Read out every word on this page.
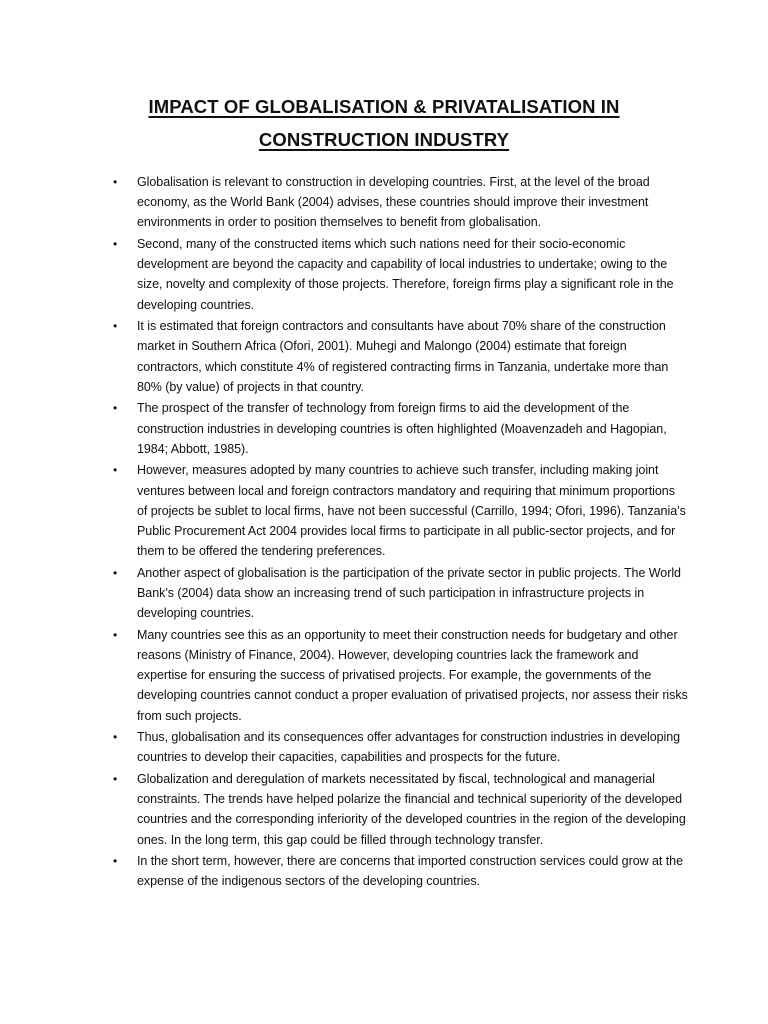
IMPACT OF GLOBALISATION & PRIVATALISATION IN
CONSTRUCTION INDUSTRY
• Globalisation is relevant to construction in developing countries. First, at the level of the broad economy, as the World Bank (2004) advises, these countries should improve their investment environments in order to position themselves to benefit from globalisation.
• Second, many of the constructed items which such nations need for their socio-economic development are beyond the capacity and capability of local industries to undertake; owing to the size, novelty and complexity of those projects. Therefore, foreign firms play a significant role in the developing countries.
• It is estimated that foreign contractors and consultants have about 70% share of the construction market in Southern Africa (Ofori, 2001). Muhegi and Malongo (2004) estimate that foreign contractors, which constitute 4% of registered contracting firms in Tanzania, undertake more than 80% (by value) of projects in that country.
• The prospect of the transfer of technology from foreign firms to aid the development of the construction industries in developing countries is often highlighted (Moavenzadeh and Hagopian, 1984; Abbott, 1985).
• However, measures adopted by many countries to achieve such transfer, including making joint ventures between local and foreign contractors mandatory and requiring that minimum proportions of projects be sublet to local firms, have not been successful (Carrillo, 1994; Ofori, 1996). Tanzania’s Public Procurement Act 2004 provides local firms to participate in all public-sector projects, and for them to be offered the tendering preferences.
• Another aspect of globalisation is the participation of the private sector in public projects. The World Bank’s (2004) data show an increasing trend of such participation in infrastructure projects in developing countries.
• Many countries see this as an opportunity to meet their construction needs for budgetary and other reasons (Ministry of Finance, 2004). However, developing countries lack the framework and expertise for ensuring the success of privatised projects. For example, the governments of the developing countries cannot conduct a proper evaluation of privatised projects, nor assess their risks from such projects.
• Thus, globalisation and its consequences offer advantages for construction industries in developing countries to develop their capacities, capabilities and prospects for the future.
• Globalization and deregulation of markets necessitated by fiscal, technological and managerial constraints. The trends have helped polarize the financial and technical superiority of the developed countries and the corresponding inferiority of the developed countries in the region of the developing ones. In the long term, this gap could be filled through technology transfer.
• In the short term, however, there are concerns that imported construction services could grow at the expense of the indigenous sectors of the developing countries.
